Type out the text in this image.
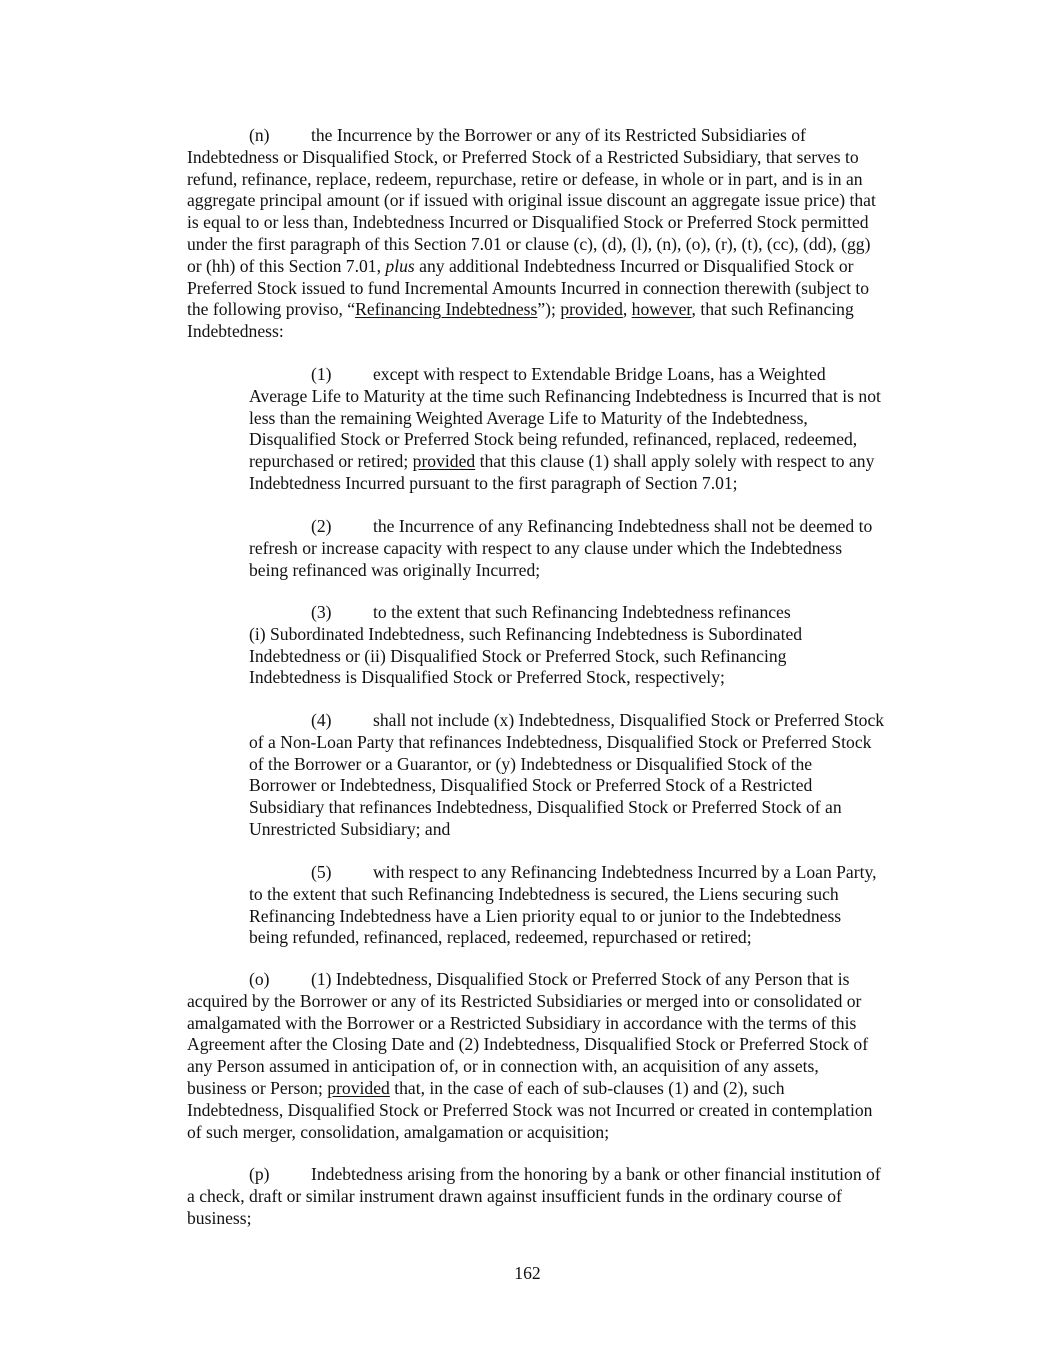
(n) the Incurrence by the Borrower or any of its Restricted Subsidiaries of
Indebtedness or Disqualified Stock, or Preferred Stock of a Restricted Subsidiary, that serves to
refund, refinance, replace, redeem, repurchase, retire or defease, in whole or in part, and is in an
aggregate principal amount (or if issued with original issue discount an aggregate issue price) that
is equal to or less than, Indebtedness Incurred or Disqualified Stock or Preferred Stock permitted
under the first paragraph of this Section 7.01 or clause (c), (d), (l), (n), (o), (r), (t), (cc), (dd), (gg)
or (hh) of this Section 7.01, plus any additional Indebtedness Incurred or Disqualified Stock or
Preferred Stock issued to fund Incremental Amounts Incurred in connection therewith (subject to
the following proviso, “Refinancing Indebtedness”); provided, however, that such Refinancing
Indebtedness:
(1) except with respect to Extendable Bridge Loans, has a Weighted
Average Life to Maturity at the time such Refinancing Indebtedness is Incurred that is not
less than the remaining Weighted Average Life to Maturity of the Indebtedness,
Disqualified Stock or Preferred Stock being refunded, refinanced, replaced, redeemed,
repurchased or retired; provided that this clause (1) shall apply solely with respect to any
Indebtedness Incurred pursuant to the first paragraph of Section 7.01;
(2) the Incurrence of any Refinancing Indebtedness shall not be deemed to
refresh or increase capacity with respect to any clause under which the Indebtedness
being refinanced was originally Incurred;
(3) to the extent that such Refinancing Indebtedness refinances
(i) Subordinated Indebtedness, such Refinancing Indebtedness is Subordinated
Indebtedness or (ii) Disqualified Stock or Preferred Stock, such Refinancing
Indebtedness is Disqualified Stock or Preferred Stock, respectively;
(4) shall not include (x) Indebtedness, Disqualified Stock or Preferred Stock
of a Non-Loan Party that refinances Indebtedness, Disqualified Stock or Preferred Stock
of the Borrower or a Guarantor, or (y) Indebtedness or Disqualified Stock of the
Borrower or Indebtedness, Disqualified Stock or Preferred Stock of a Restricted
Subsidiary that refinances Indebtedness, Disqualified Stock or Preferred Stock of an
Unrestricted Subsidiary; and
(5) with respect to any Refinancing Indebtedness Incurred by a Loan Party,
to the extent that such Refinancing Indebtedness is secured, the Liens securing such
Refinancing Indebtedness have a Lien priority equal to or junior to the Indebtedness
being refunded, refinanced, replaced, redeemed, repurchased or retired;
(o) (1) Indebtedness, Disqualified Stock or Preferred Stock of any Person that is
acquired by the Borrower or any of its Restricted Subsidiaries or merged into or consolidated or
amalgamated with the Borrower or a Restricted Subsidiary in accordance with the terms of this
Agreement after the Closing Date and (2) Indebtedness, Disqualified Stock or Preferred Stock of
any Person assumed in anticipation of, or in connection with, an acquisition of any assets,
business or Person; provided that, in the case of each of sub-clauses (1) and (2), such
Indebtedness, Disqualified Stock or Preferred Stock was not Incurred or created in contemplation
of such merger, consolidation, amalgamation or acquisition;
(p) Indebtedness arising from the honoring by a bank or other financial institution of
a check, draft or similar instrument drawn against insufficient funds in the ordinary course of
business;
162
